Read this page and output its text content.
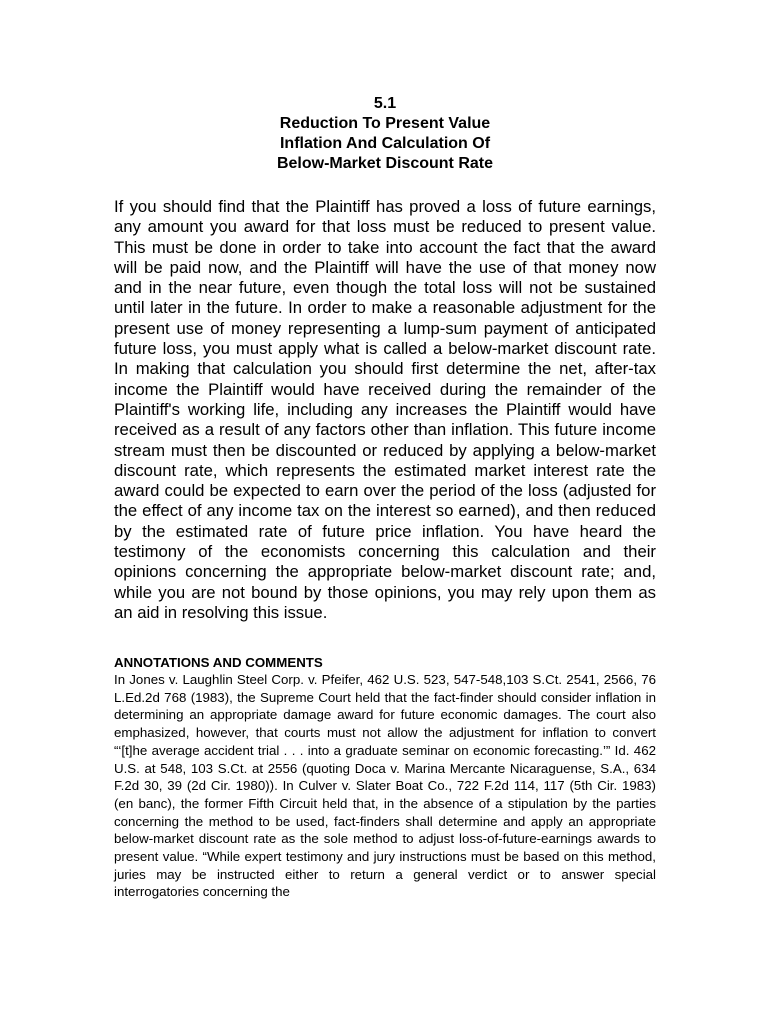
5.1
Reduction To Present Value
Inflation And Calculation Of
Below-Market Discount Rate

If you should find that the Plaintiff has proved a loss of future earnings, any amount you award for that loss must be reduced to present value. This must be done in order to take into account the fact that the award will be paid now, and the Plaintiff will have the use of that money now and in the near future, even though the total loss will not be sustained until later in the future. In order to make a reasonable adjustment for the present use of money representing a lump-sum payment of anticipated future loss, you must apply what is called a below-market discount rate. In making that calculation you should first determine the net, after-tax income the Plaintiff would have received during the remainder of the Plaintiff's working life, including any increases the Plaintiff would have received as a result of any factors other than inflation. This future income stream must then be discounted or reduced by applying a below-market discount rate, which represents the estimated market interest rate the award could be expected to earn over the period of the loss (adjusted for the effect of any income tax on the interest so earned), and then reduced by the estimated rate of future price inflation. You have heard the testimony of the economists concerning this calculation and their opinions concerning the appropriate below-market discount rate; and, while you are not bound by those opinions, you may rely upon them as an aid in resolving this issue.

ANNOTATIONS AND COMMENTS

In Jones v. Laughlin Steel Corp. v. Pfeifer, 462 U.S. 523, 547-548,103 S.Ct. 2541, 2566, 76 L.Ed.2d 768 (1983), the Supreme Court held that the fact-finder should consider inflation in determining an appropriate damage award for future economic damages. The court also emphasized, however, that courts must not allow the adjustment for inflation to convert “‘[t]he average accident trial . . . into a graduate seminar on economic forecasting.’” Id. 462 U.S. at 548, 103 S.Ct. at 2556 (quoting Doca v. Marina Mercante Nicaraguense, S.A., 634 F.2d 30, 39 (2d Cir. 1980)). In Culver v. Slater Boat Co., 722 F.2d 114, 117 (5th Cir. 1983) (en banc), the former Fifth Circuit held that, in the absence of a stipulation by the parties concerning the method to be used, fact-finders shall determine and apply an appropriate below-market discount rate as the sole method to adjust loss-of-future-earnings awards to present value. “While expert testimony and jury instructions must be based on this method, juries may be instructed either to return a general verdict or to answer special interrogatories concerning the
